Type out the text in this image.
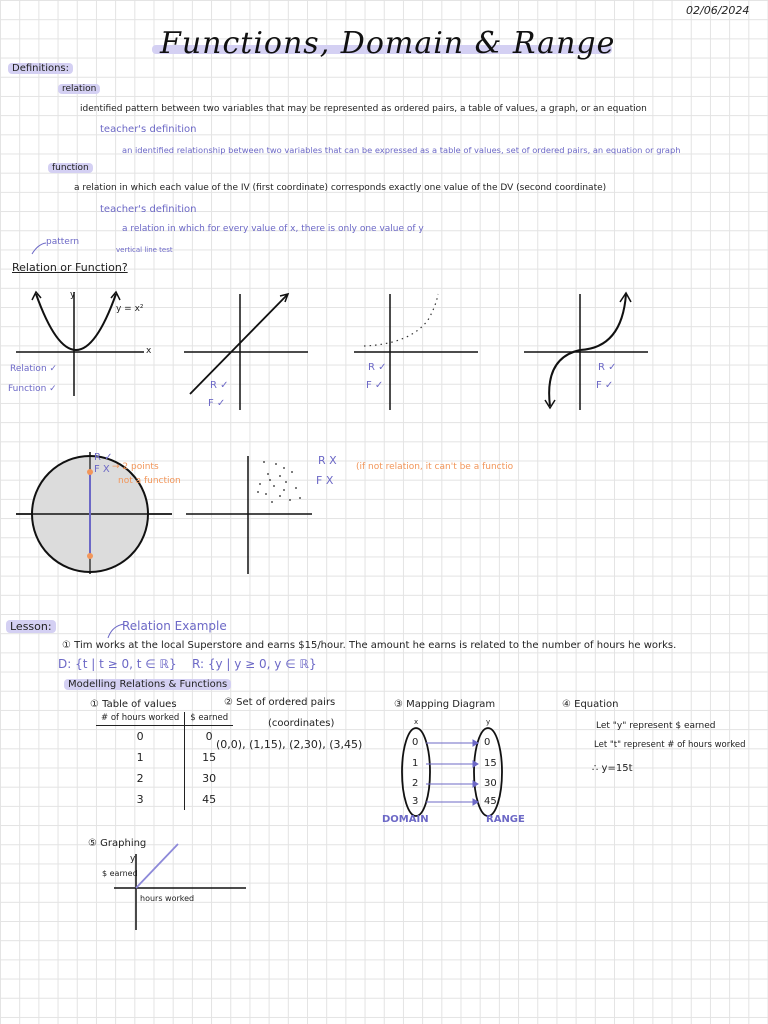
02/06/2024
Functions, Domain & Range
Definitions:
relation
identified pattern between two variables that may be represented as ordered pairs, a table of values, a graph, or an equation
teacher's definition
an identified relationship between two variables that can be expressed as a table of values, set of ordered pairs, an equation or graph
function
a relation in which each value of the IV (first coordinate) corresponds exactly one value of the DV (second coordinate)
teacher's definition
a relation in which for every value of x, there is only one value of y
pattern
vertical line test
Relation or Function?
y
x
y = x²
Relation ✓
Function ✓	R ✓
F ✓
R ✓
F ✓
R ✓
F ✓
R ✓
F X → 2 points
not a function
R X
F X
(if not relation, it can't be a functio
Lesson:	Relation Example
① Tim works at the local Superstore and earns $15/hour. The amount he earns is related to the number of hours he works.
D: {t | t ≥ 0, t ∈ ℝ} R: {y | y ≥ 0, y ∈ ℝ}
Modelling Relations & Functions
① Table of values
# of hours worked	$ earned
0	0
1	15
2	30
3	45
② Set of ordered pairs
(coordinates)
(0,0), (1,15), (2,30), (3,45)
③ Mapping Diagram
x	y
0
1
2
3
0
15
30
45
DOMAIN	RANGE
④ Equation
Let "y" represent $ earned
Let "t" represent # of hours worked
∴ y=15t
⑤ Graphing
y
$ earned
hours worked
